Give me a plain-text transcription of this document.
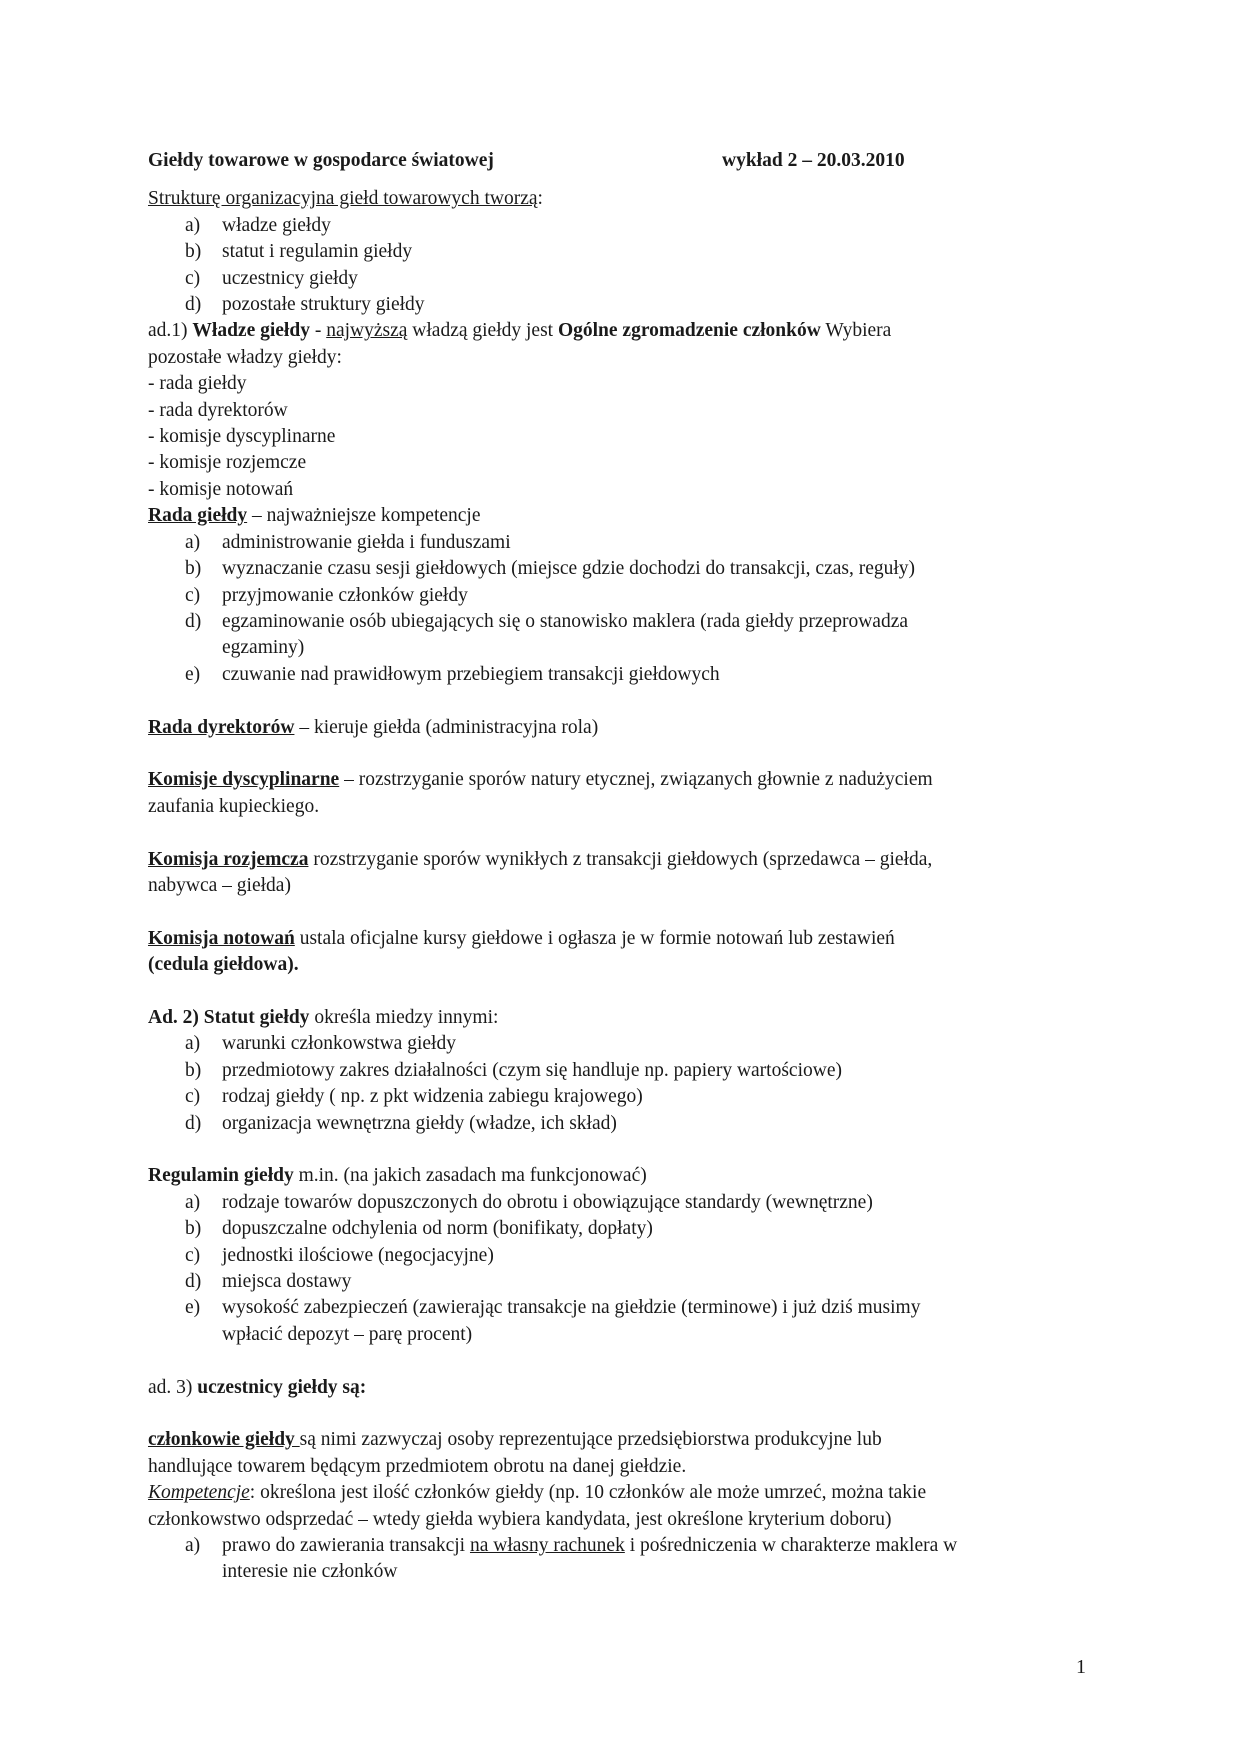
Giełdy towarowe w gospodarce światowej	wykład 2 – 20.03.2010
Strukturę organizacyjna giełd towarowych tworzą:
a) władze giełdy
b) statut i regulamin giełdy
c) uczestnicy giełdy
d) pozostałe struktury giełdy
ad.1) Władze giełdy - najwyższą władzą giełdy jest Ogólne zgromadzenie członków Wybiera
pozostałe władzy giełdy:
- rada giełdy
- rada dyrektorów
- komisje dyscyplinarne
- komisje rozjemcze
- komisje notowań
Rada giełdy – najważniejsze kompetencje
a) administrowanie giełda i funduszami
b) wyznaczanie czasu sesji giełdowych (miejsce gdzie dochodzi do transakcji, czas, reguły)
c) przyjmowanie członków giełdy
d) egzaminowanie osób ubiegających się o stanowisko maklera (rada giełdy przeprowadza
egzaminy)
e) czuwanie nad prawidłowym przebiegiem transakcji giełdowych
Rada dyrektorów – kieruje giełda (administracyjna rola)
Komisje dyscyplinarne – rozstrzyganie sporów natury etycznej, związanych głownie z nadużyciem
zaufania kupieckiego.
Komisja rozjemcza rozstrzyganie sporów wynikłych z transakcji giełdowych (sprzedawca – giełda,
nabywca – giełda)
Komisja notowań ustala oficjalne kursy giełdowe i ogłasza je w formie notowań lub zestawień
(cedula giełdowa).
Ad. 2) Statut giełdy określa miedzy innymi:
a) warunki członkowstwa giełdy
b) przedmiotowy zakres działalności (czym się handluje np. papiery wartościowe)
c) rodzaj giełdy ( np. z pkt widzenia zabiegu krajowego)
d) organizacja wewnętrzna giełdy (władze, ich skład)
Regulamin giełdy m.in. (na jakich zasadach ma funkcjonować)
a) rodzaje towarów dopuszczonych do obrotu i obowiązujące standardy (wewnętrzne)
b) dopuszczalne odchylenia od norm (bonifikaty, dopłaty)
c) jednostki ilościowe (negocjacyjne)
d) miejsca dostawy
e) wysokość zabezpieczeń (zawierając transakcje na giełdzie (terminowe) i już dziś musimy
wpłacić depozyt – parę procent)
ad. 3) uczestnicy giełdy są:
członkowie giełdy są nimi zazwyczaj osoby reprezentujące przedsiębiorstwa produkcyjne lub
handlujące towarem będącym przedmiotem obrotu na danej giełdzie.
Kompetencje: określona jest ilość członków giełdy (np. 10 członków ale może umrzeć, można takie
członkowstwo odsprzedać – wtedy giełda wybiera kandydata, jest określone kryterium doboru)
a) prawo do zawierania transakcji na własny rachunek i pośredniczenia w charakterze maklera w
interesie nie członków
1
